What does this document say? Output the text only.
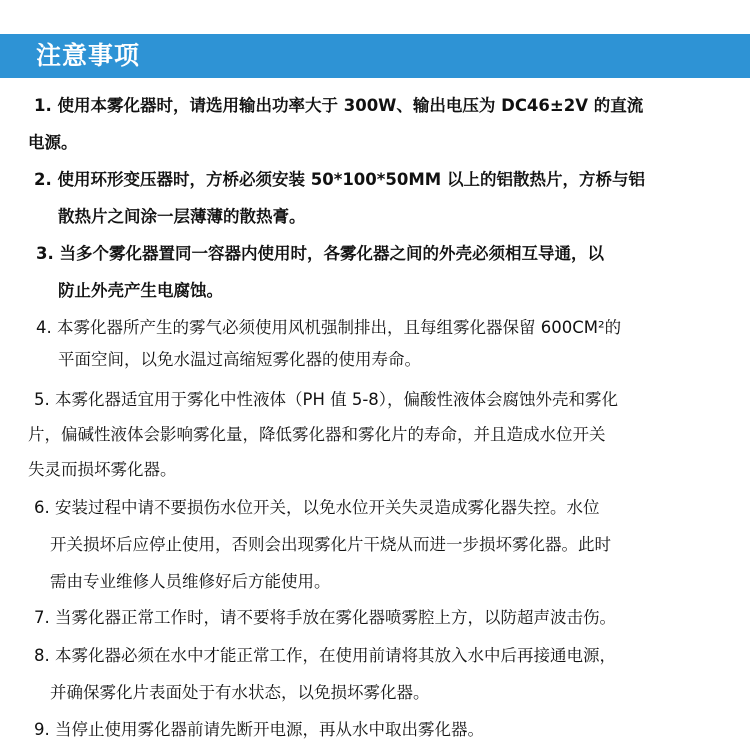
注意事项
1. 使用本雾化器时，请选用输出功率大于 300W、输出电压为 DC46±2V 的直流
电源。
2. 使用环形变压器时，方桥必须安装 50*100*50MM 以上的铝散热片，方桥与铝
散热片之间涂一层薄薄的散热膏。
3. 当多个雾化器置同一容器内使用时，各雾化器之间的外壳必须相互导通，以
防止外壳产生电腐蚀。
4. 本雾化器所产生的雾气必须使用风机强制排出，且每组雾化器保留 600CM²的
平面空间，以免水温过高缩短雾化器的使用寿命。
5. 本雾化器适宜用于雾化中性液体（PH 值 5-8），偏酸性液体会腐蚀外壳和雾化
片，偏碱性液体会影响雾化量，降低雾化器和雾化片的寿命，并且造成水位开关
失灵而损坏雾化器。
6. 安装过程中请不要损伤水位开关，以免水位开关失灵造成雾化器失控。水位
开关损坏后应停止使用，否则会出现雾化片干烧从而进一步损坏雾化器。此时
需由专业维修人员维修好后方能使用。
7. 当雾化器正常工作时，请不要将手放在雾化器喷雾腔上方，以防超声波击伤。
8. 本雾化器必须在水中才能正常工作，在使用前请将其放入水中后再接通电源，
并确保雾化片表面处于有水状态，以免损坏雾化器。
9. 当停止使用雾化器前请先断开电源，再从水中取出雾化器。
